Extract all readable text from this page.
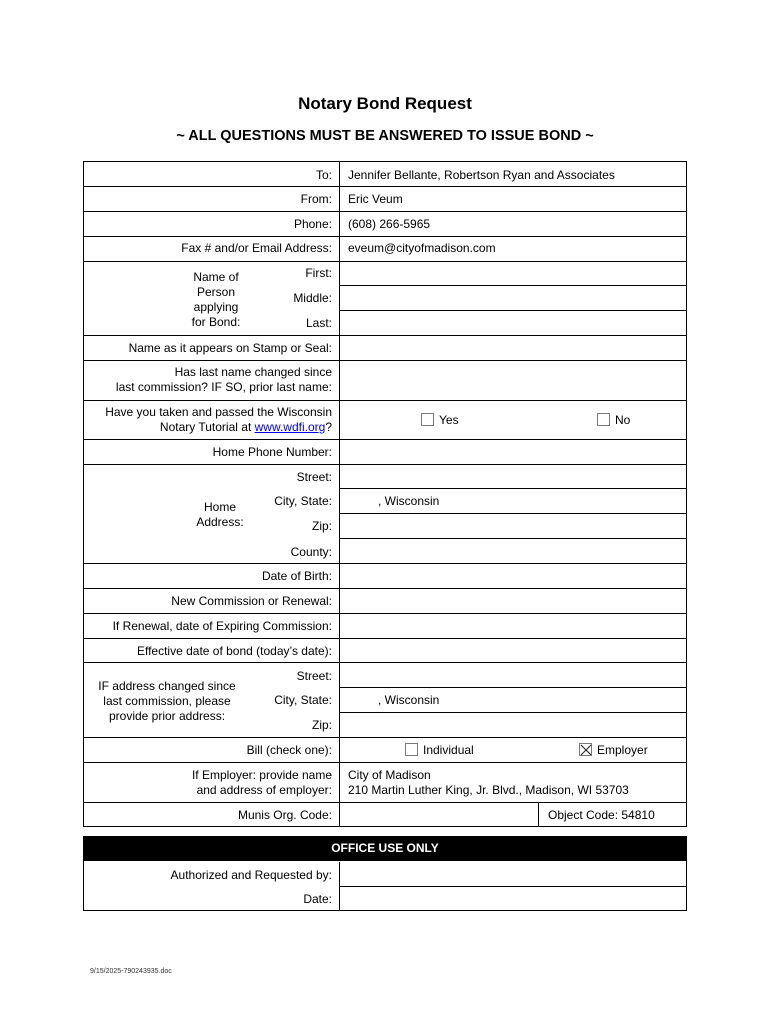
Notary Bond Request
~ ALL QUESTIONS MUST BE ANSWERED TO ISSUE BOND ~
To: Jennifer Bellante, Robertson Ryan and Associates
From: Eric Veum
Phone: (608) 266-5965
Fax # and/or Email Address: eveum@cityofmadison.com
Name of
Person
applying
for Bond:
First:
Middle:
Last:
Name as it appears on Stamp or Seal:
Has last name changed since
last commission? IF SO, prior last name:
Have you taken and passed the Wisconsin
Notary Tutorial at www.wdfi.org?	Yes	No
Home Phone Number:
Home
Address:
Street:
City, State:	, Wisconsin
Zip:
County:
Date of Birth:
New Commission or Renewal:
If Renewal, date of Expiring Commission:
Effective date of bond (today’s date):
IF address changed since
last commission, please
provide prior address:
Street:
City, State:	, Wisconsin
Zip:
Bill (check one):	Individual	Employer
If Employer: provide name
and address of employer:
City of Madison
210 Martin Luther King, Jr. Blvd., Madison, WI 53703
Munis Org. Code:	Object Code: 54810
Authorized and Requested by:
Date:
OFFICE USE ONLY
9/15/2025-790243935.doc
